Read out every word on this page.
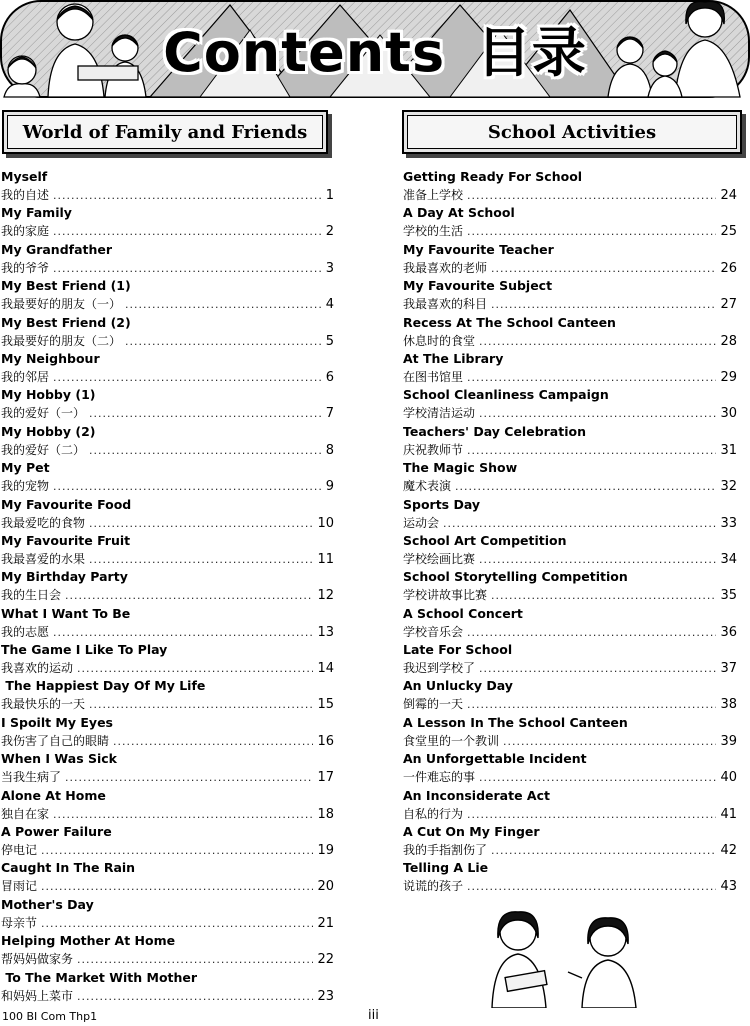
Contents 目录
World of Family and Friends	School Activities
Myself
我的自述 .....	1
My Family
我的家庭 .....	2
My Grandfather
我的爷爷 .....	3
My Best Friend (1)
我最要好的朋友（一） .....	4
My Best Friend (2)
我最要好的朋友（二） .....	5
My Neighbour
我的邻居 .....	6
My Hobby (1)
我的爱好（一） .....	7
My Hobby (2)
我的爱好（二） .....	8
My Pet
我的宠物 .....	9
My Favourite Food
我最爱吃的食物 .....	10
My Favourite Fruit
我最喜爱的水果 .....	11
My Birthday Party
我的生日会 .....	12
What I Want To Be
我的志愿 .....	13
The Game I Like To Play
我喜欢的运动 .....	14
The Happiest Day Of My Life
我最快乐的一天 .....	15
I Spoilt My Eyes
我伤害了自己的眼睛 .....	16
When I Was Sick
当我生病了 .....	17
Alone At Home
独自在家 .....	18
A Power Failure
停电记 .....	19
Caught In The Rain
冒雨记 .....	20
Mother's Day
母亲节 .....	21
Helping Mother At Home
帮妈妈做家务 .....	22
To The Market With Mother
和妈妈上菜市 .....	23
Getting Ready For School
准备上学校 .....	24
A Day At School
学校的生活 .....	25
My Favourite Teacher
我最喜欢的老师 .....	26
My Favourite Subject
我最喜欢的科目 .....	27
Recess At The School Canteen
休息时的食堂 .....	28
At The Library
在图书馆里 .....	29
School Cleanliness Campaign
学校清洁运动 .....	30
Teachers' Day Celebration
庆祝教师节 .....	31
The Magic Show
魔术表演 .....	32
Sports Day
运动会 .....	33
School Art Competition
学校绘画比赛 .....	34
School Storytelling Competition
学校讲故事比赛 .....	35
A School Concert
学校音乐会 .....	36
Late For School
我迟到学校了 .....	37
An Unlucky Day
倒霉的一天 .....	38
A Lesson In The School Canteen
食堂里的一个教训 .....	39
An Unforgettable Incident
一件难忘的事 .....	40
An Inconsiderate Act
自私的行为 .....	41
A Cut On My Finger
我的手指割伤了 .....	42
Telling A Lie
说谎的孩子 .....	43
100 BI Com Thp1	iii
